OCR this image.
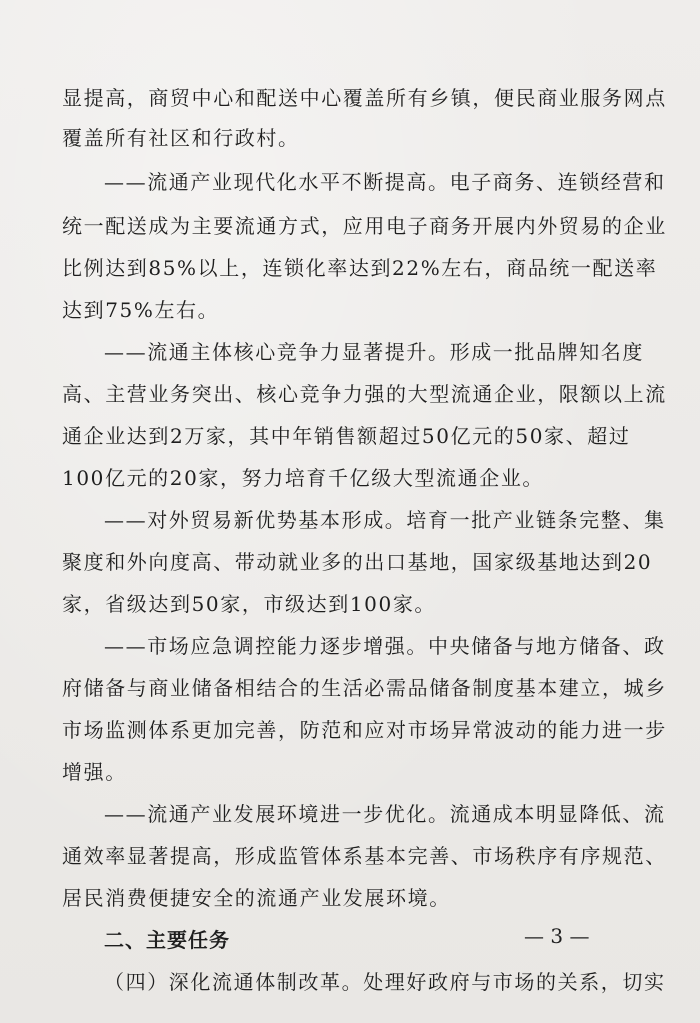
显提高，商贸中心和配送中心覆盖所有乡镇，便民商业服务网点
覆盖所有社区和行政村。
——流通产业现代化水平不断提高。电子商务、连锁经营和
统一配送成为主要流通方式，应用电子商务开展内外贸易的企业
比例达到85%以上，连锁化率达到22%左右，商品统一配送率
达到75%左右。
——流通主体核心竞争力显著提升。形成一批品牌知名度
高、主营业务突出、核心竞争力强的大型流通企业，限额以上流
通企业达到2万家，其中年销售额超过50亿元的50家、超过
100亿元的20家，努力培育千亿级大型流通企业。
——对外贸易新优势基本形成。培育一批产业链条完整、集
聚度和外向度高、带动就业多的出口基地，国家级基地达到20
家，省级达到50家，市级达到100家。
——市场应急调控能力逐步增强。中央储备与地方储备、政
府储备与商业储备相结合的生活必需品储备制度基本建立，城乡
市场监测体系更加完善，防范和应对市场异常波动的能力进一步
增强。
——流通产业发展环境进一步优化。流通成本明显降低、流
通效率显著提高，形成监管体系基本完善、市场秩序有序规范、
居民消费便捷安全的流通产业发展环境。
二、主要任务
（四）深化流通体制改革。处理好政府与市场的关系，切实
— 3 —
